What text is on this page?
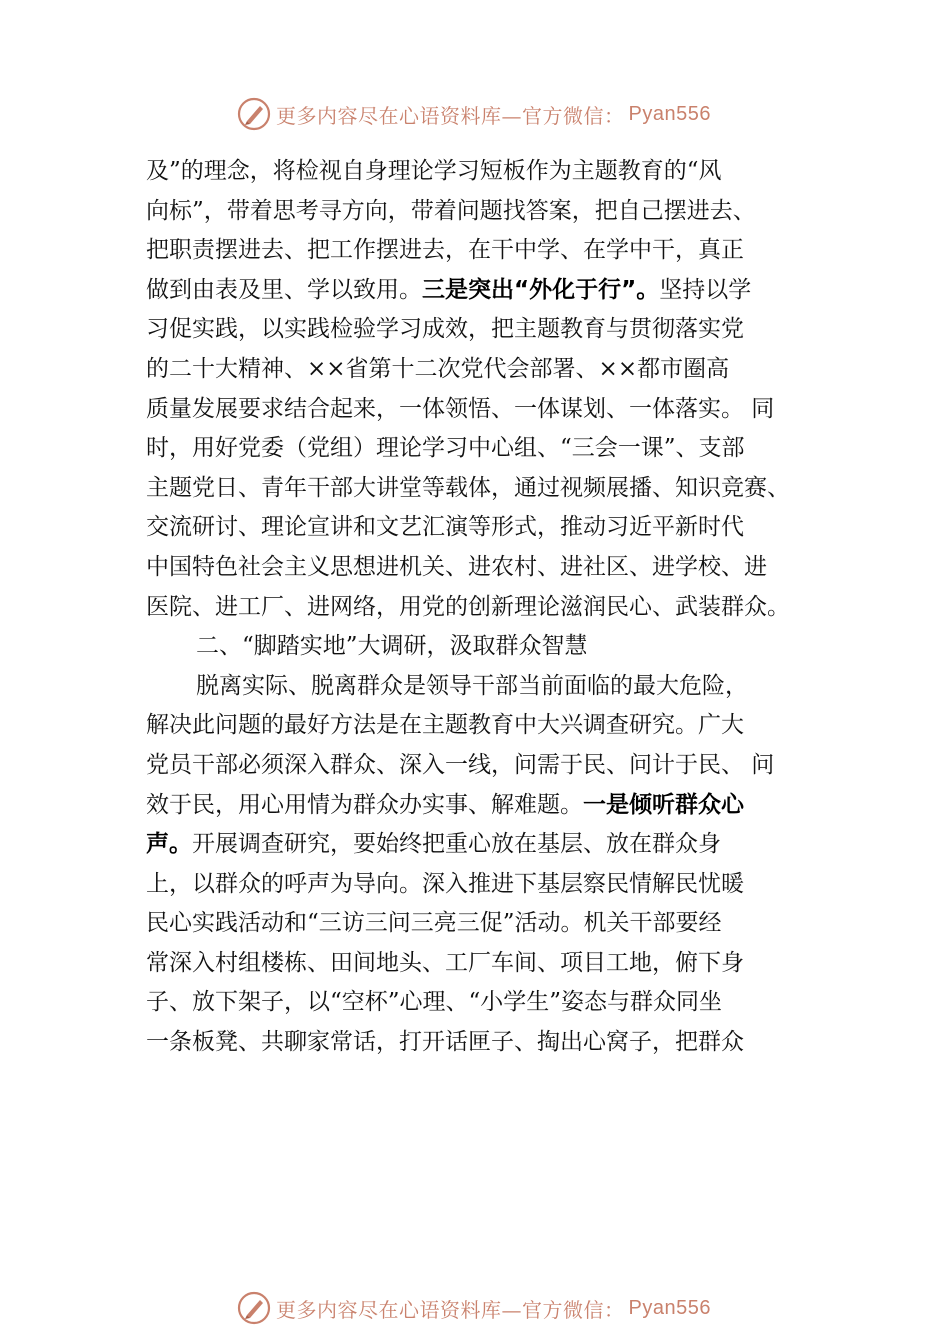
更多内容尽在心语资料库—官方微信： Pyan556
及”的理念，将检视自身理论学习短板作为主题教育的“风
向标”，带着思考寻方向，带着问题找答案，把自己摆进去、
把职责摆进去、把工作摆进去，在干中学、在学中干，真正
做到由表及里、学以致用。三是突出“外化于行”。坚持以学
习促实践，以实践检验学习成效，把主题教育与贯彻落实党
的二十大精神、××省第十二次党代会部署、××都市圈高
质量发展要求结合起来，一体领悟、一体谋划、一体落实。 同
时，用好党委（党组）理论学习中心组、“三会一课”、支部
主题党日、青年干部大讲堂等载体，通过视频展播、知识竞赛、
交流研讨、理论宣讲和文艺汇演等形式，推动习近平新时代
中国特色社会主义思想进机关、进农村、进社区、进学校、进
医院、进工厂、进网络，用党的创新理论滋润民心、武装群众。
二、“脚踏实地”大调研，汲取群众智慧
脱离实际、脱离群众是领导干部当前面临的最大危险，
解决此问题的最好方法是在主题教育中大兴调查研究。广大
党员干部必须深入群众、深入一线，问需于民、问计于民、 问
效于民，用心用情为群众办实事、解难题。一是倾听群众心
声。开展调查研究，要始终把重心放在基层、放在群众身
上，以群众的呼声为导向。深入推进下基层察民情解民忧暖
民心实践活动和“三访三问三亮三促”活动。机关干部要经
常深入村组楼栋、田间地头、工厂车间、项目工地，俯下身
子、放下架子，以“空杯”心理、“小学生”姿态与群众同坐
一条板凳、共聊家常话，打开话匣子、掏出心窝子，把群众
更多内容尽在心语资料库—官方微信： Pyan556
